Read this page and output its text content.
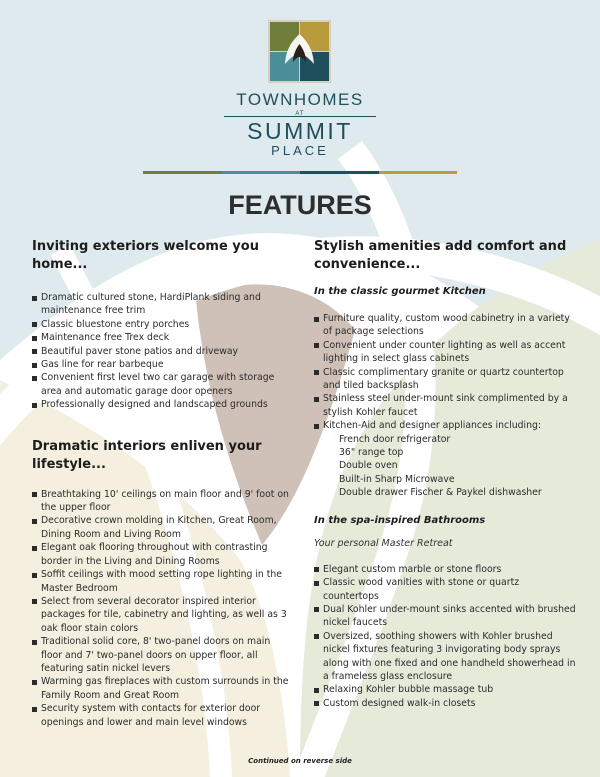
TOWNHOMES
AT
SUMMIT
PLACE
FEATURES
Inviting exteriors welcome you home...
Dramatic cultured stone, HardiPlank siding and maintenance free trim
Classic bluestone entry porches
Maintenance free Trex deck
Beautiful paver stone patios and driveway
Gas line for rear barbeque
Convenient first level two car garage with storage area and automatic garage door openers
Professionally designed and landscaped grounds
Dramatic interiors enliven your lifestyle...
Breathtaking 10' ceilings on main floor and 9' foot on the upper floor
Decorative crown molding in Kitchen, Great Room, Dining Room and Living Room
Elegant oak flooring throughout with contrasting border in the Living and Dining Rooms
Soffit ceilings with mood setting rope lighting in the Master Bedroom
Select from several decorator inspired interior packages for tile, cabinetry and lighting, as well as 3 oak floor stain colors
Traditional solid core, 8' two-panel doors on main floor and 7' two-panel doors on upper floor, all featuring satin nickel levers
Warming gas fireplaces with custom surrounds in the Family Room and Great Room
Security system with contacts for exterior door openings and lower and main level windows
Stylish amenities add comfort and convenience...
In the classic gourmet Kitchen
Furniture quality, custom wood cabinetry in a variety of package selections
Convenient under counter lighting as well as accent lighting in select glass cabinets
Classic complimentary granite or quartz countertop and tiled backsplash
Stainless steel under-mount sink complimented by a stylish Kohler faucet
Kitchen-Aid and designer appliances including:
French door refrigerator
36" range top
Double oven
Built-in Sharp Microwave
Double drawer Fischer & Paykel dishwasher
In the spa-inspired Bathrooms
Your personal Master Retreat
Elegant custom marble or stone floors
Classic wood vanities with stone or quartz countertops
Dual Kohler under-mount sinks accented with brushed nickel faucets
Oversized, soothing showers with Kohler brushed nickel fixtures featuring 3 invigorating body sprays along with one fixed and one handheld showerhead in a frameless glass enclosure
Relaxing Kohler bubble massage tub
Custom designed walk-in closets
Continued on reverse side
